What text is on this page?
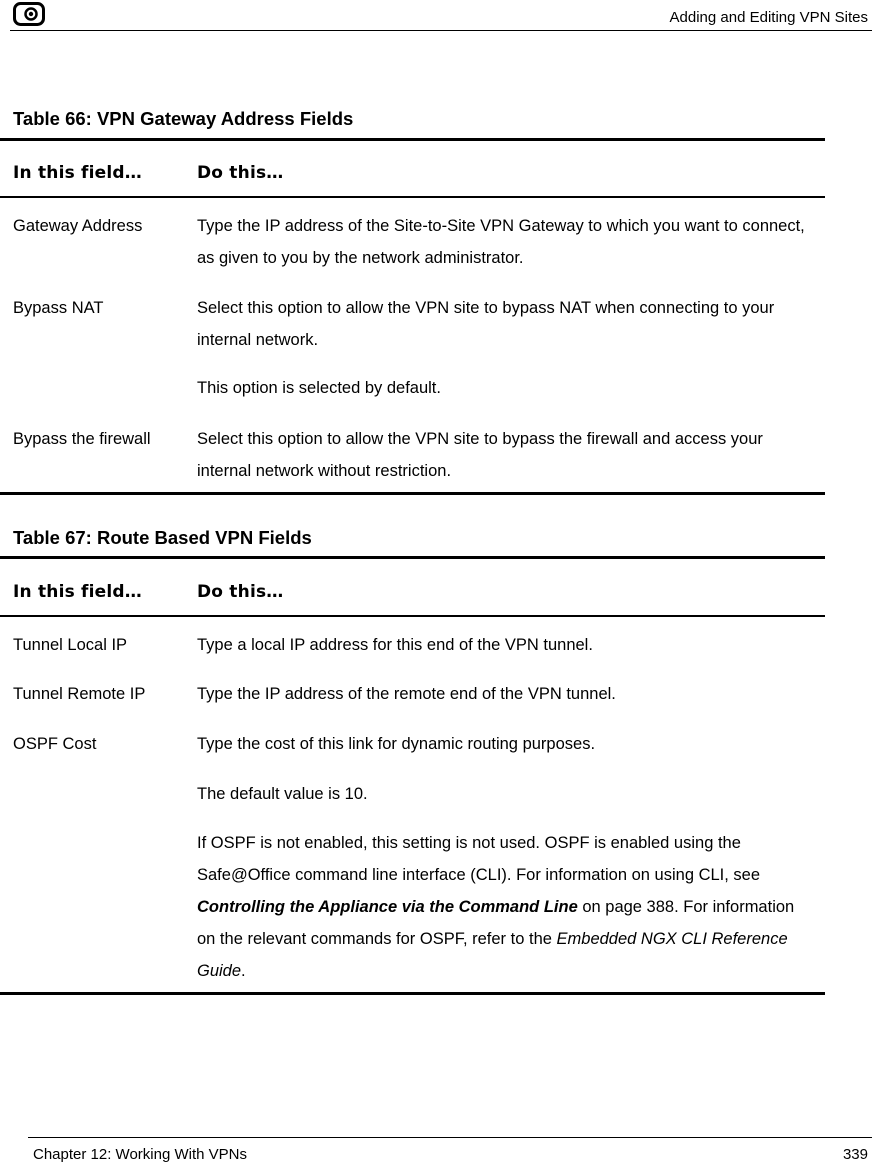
Adding and Editing VPN Sites
Table 66: VPN Gateway Address Fields
In this field…	Do this…
Gateway Address	Type the IP address of the Site-to-Site VPN Gateway to which you want to connect, as given to you by the network administrator.
Bypass NAT	Select this option to allow the VPN site to bypass NAT when connecting to your internal network.
This option is selected by default.
Bypass the firewall	Select this option to allow the VPN site to bypass the firewall and access your internal network without restriction.
Table 67: Route Based VPN Fields
In this field…	Do this…
Tunnel Local IP	Type a local IP address for this end of the VPN tunnel.
Tunnel Remote IP	Type the IP address of the remote end of the VPN tunnel.
OSPF Cost	Type the cost of this link for dynamic routing purposes.
The default value is 10.
If OSPF is not enabled, this setting is not used. OSPF is enabled using the Safe@Office command line interface (CLI). For information on using CLI, see Controlling the Appliance via the Command Line on page 388. For information on the relevant commands for OSPF, refer to the Embedded NGX CLI Reference Guide.
Chapter 12: Working With VPNs	339
